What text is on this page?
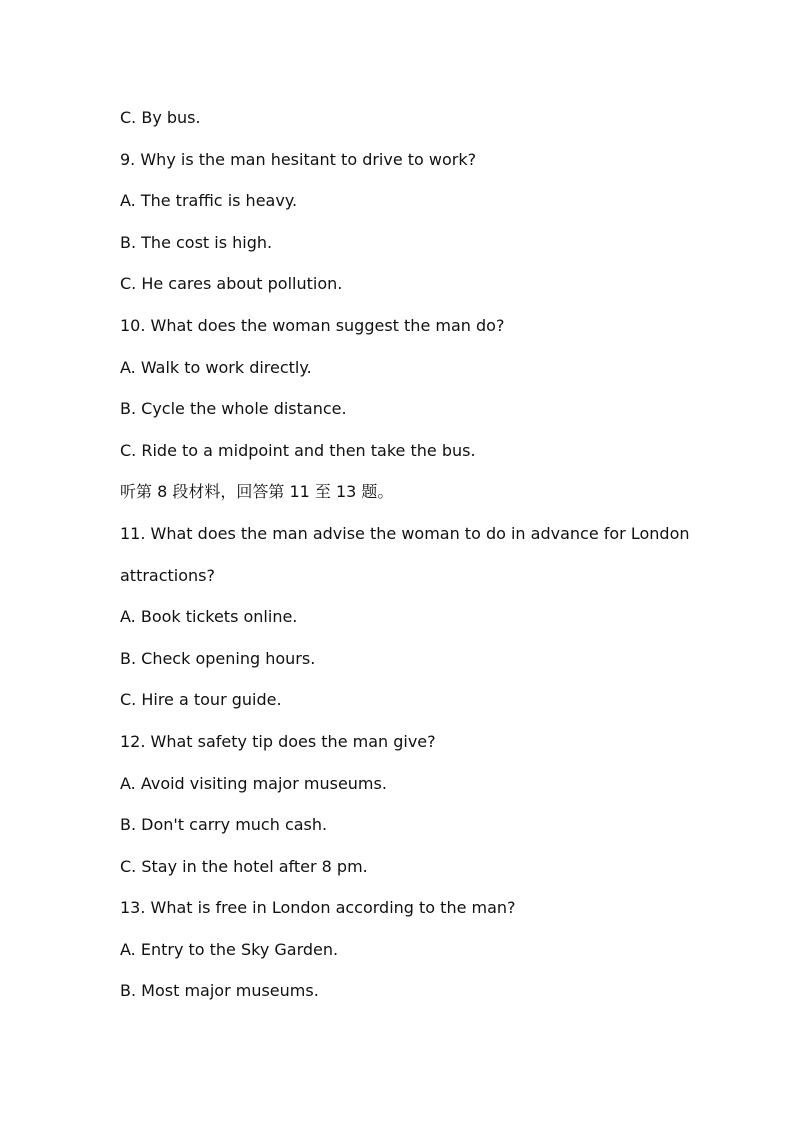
C. By bus.
9. Why is the man hesitant to drive to work?
A. The traffic is heavy.
B. The cost is high.
C. He cares about pollution.
10. What does the woman suggest the man do?
A. Walk to work directly.
B. Cycle the whole distance.
C. Ride to a midpoint and then take the bus.
听第 8 段材料，回答第 11 至 13 题。
11. What does the man advise the woman to do in advance for London
attractions?
A. Book tickets online.
B. Check opening hours.
C. Hire a tour guide.
12. What safety tip does the man give?
A. Avoid visiting major museums.
B. Don't carry much cash.
C. Stay in the hotel after 8 pm.
13. What is free in London according to the man?
A. Entry to the Sky Garden.
B. Most major museums.
